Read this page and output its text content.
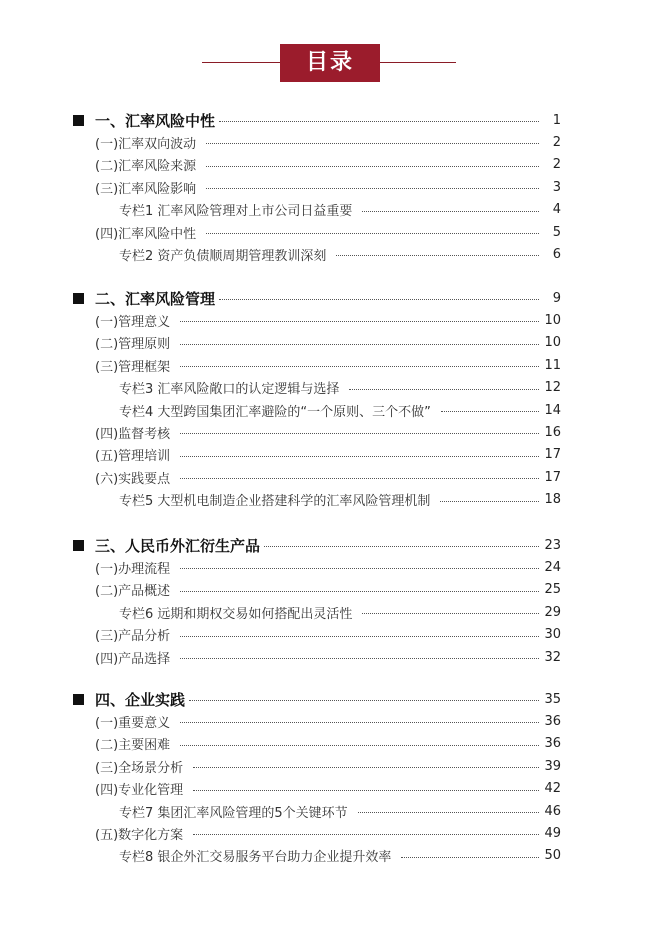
目录
一、汇率风险中性	1
(一)汇率双向波动	2
(二)汇率风险来源	2
(三)汇率风险影响	3
专栏1 汇率风险管理对上市公司日益重要	4
(四)汇率风险中性	5
专栏2 资产负债顺周期管理教训深刻	6
二、汇率风险管理	9
(一)管理意义	10
(二)管理原则	10
(三)管理框架	11
专栏3 汇率风险敞口的认定逻辑与选择	12
专栏4 大型跨国集团汇率避险的“一个原则、三个不做”	14
(四)监督考核	16
(五)管理培训	17
(六)实践要点	17
专栏5 大型机电制造企业搭建科学的汇率风险管理机制	18
三、人民币外汇衍生产品	23
(一)办理流程	24
(二)产品概述	25
专栏6 远期和期权交易如何搭配出灵活性	29
(三)产品分析	30
(四)产品选择	32
四、企业实践	35
(一)重要意义	36
(二)主要困难	36
(三)全场景分析	39
(四)专业化管理	42
专栏7 集团汇率风险管理的5个关键环节	46
(五)数字化方案	49
专栏8 银企外汇交易服务平台助力企业提升效率	50
